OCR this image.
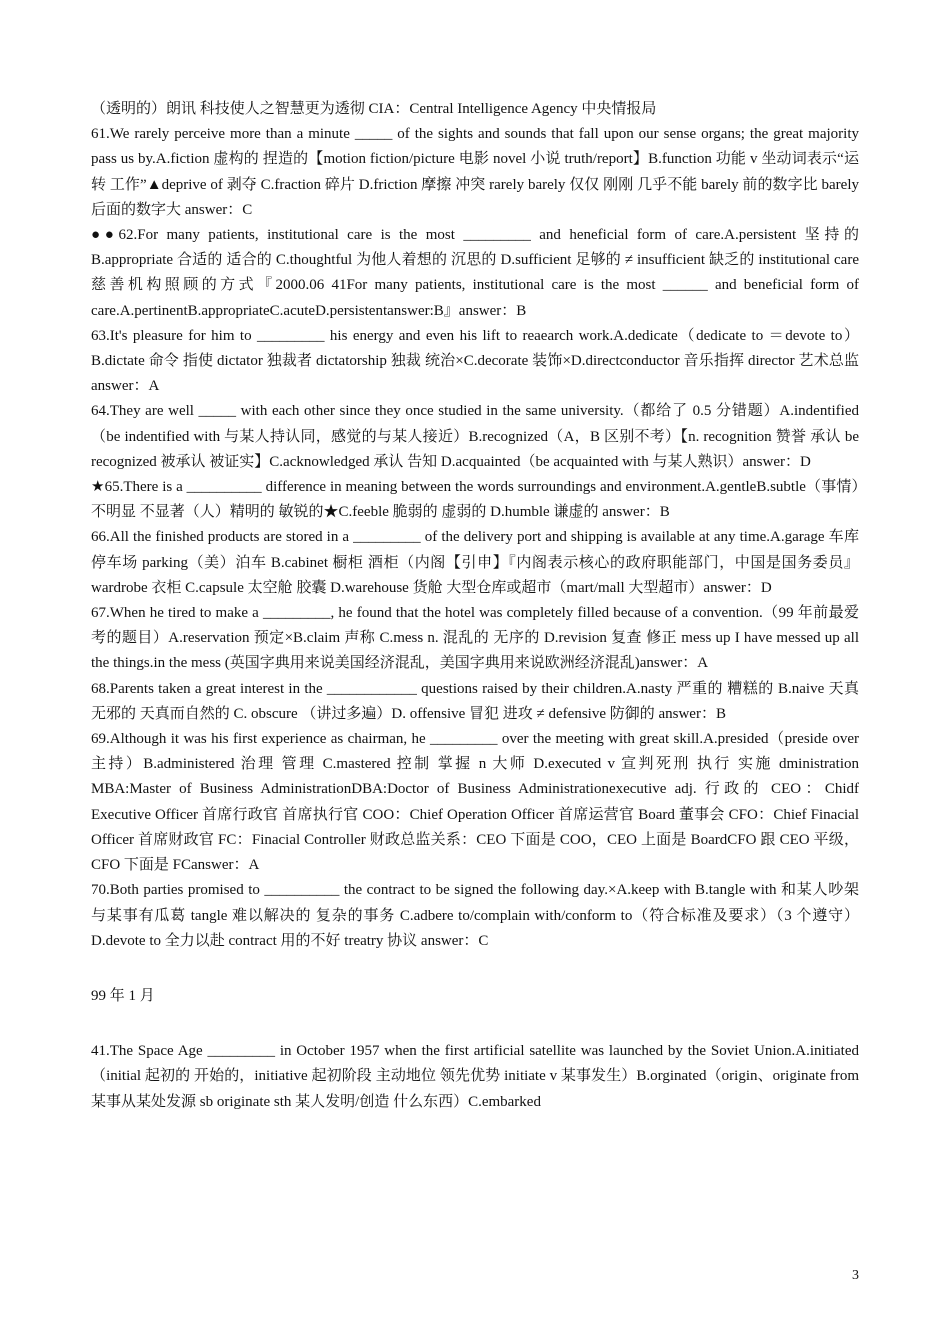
（透明的）朗讯 科技使人之智慧更为透彻 CIA：Central Intelligence Agency 中央情报局

61.We rarely perceive more than a minute _____ of the sights and sounds that fall upon our sense organs; the great majority pass us by.A.fiction 虚构的 捏造的【motion fiction/picture 电影 novel 小说 truth/report】B.function 功能 v 坐动词表示“运转 工作”▲deprive of 剥夺 C.fraction 碎片 D.friction 摩擦 冲突 rarely barely 仅仅 刚刚 几乎不能 barely 前的数字比 barely 后面的数字大 answer：C

●●62.For many patients, institutional care is the most _________ and heneficial form of care.A.persistent 坚持的 B.appropriate 合适的 适合的 C.thoughtful 为他人着想的 沉思的 D.sufficient 足够的 ≠ insufficient 缺乏的 institutional care 慈善机构照顾的方式『2000.06 41For many patients, institutional care is the most ______ and beneficial form of care.A.pertinentB.appropriateC.acuteD.persistentanswer:B』answer：B

63.It's pleasure for him to _________ his energy and even his lift to reaearch work.A.dedicate（dedicate to ＝devote to）B.dictate 命令 指使 dictator 独裁者 dictatorship 独裁 统治×C.decorate 装饰×D.directconductor 音乐指挥 director 艺术总监 answer：A

64.They are well _____ with each other since they once studied in the same university.（都给了 0.5 分错题）A.indentified（be indentified with 与某人持认同，感觉的与某人接近）B.recognized（A，B 区别不考）【n. recognition 赞誉 承认 be recognized 被承认 被证实】C.acknowledged 承认 告知 D.acquainted（be acquainted with 与某人熟识）answer：D

★65.There is a __________ difference in meaning between the words surroundings and environment.A.gentleB.subtle（事情）不明显 不显著（人）精明的 敏锐的★C.feeble 脆弱的 虚弱的 D.humble 谦虚的 answer：B

66.All the finished products are stored in a _________ of the delivery port and shipping is available at any time.A.garage 车库 停车场 parking（美）泊车 B.cabinet 橱柜 酒柜（内阁【引申】『内阁表示核心的政府职能部门，中国是国务委员』wardrobe 衣柜 C.capsule 太空舱 胶囊 D.warehouse 货舱 大型仓库或超市（mart/mall 大型超市）answer：D

67.When he tired to make a _________, he found that the hotel was completely filled because of a convention.（99 年前最爱考的题目）A.reservation 预定×B.claim 声称 C.mess n. 混乱的 无序的 D.revision 复查 修正 mess up I have messed up all the things.in the mess (英国字典用来说美国经济混乱，美国字典用来说欧洲经济混乱)answer：A

68.Parents taken a great interest in the ____________ questions raised by their children.A.nasty 严重的 糟糕的 B.naive 天真无邪的 天真而自然的 C. obscure （讲过多遍）D. offensive 冒犯 进攻 ≠ defensive 防御的 answer：B

69.Although it was his first experience as chairman, he _________ over the meeting with great skill.A.presided（preside over 主持）B.administered 治理 管理 C.mastered 控制 掌握 n 大师 D.executed v 宣判死刑 执行 实施 dministration MBA:Master of Business AdministrationDBA:Doctor of Business Administrationexecutive adj. 行政的 CEO：Chidf Executive Officer 首席行政官 首席执行官 COO：Chief Operation Officer 首席运营官 Board 董事会 CFO：Chief Finacial Officer 首席财政官 FC：Finacial Controller 财政总监关系：CEO 下面是 COO，CEO 上面是 BoardCFO 跟 CEO 平级，CFO 下面是 FCanswer：A

70.Both parties promised to __________ the contract to be signed the following day.×A.keep with B.tangle with 和某人吵架 与某事有瓜葛 tangle 难以解决的 复杂的事务 C.adbere to/complain with/conform to（符合标准及要求）（3 个遵守）D.devote to 全力以赴 contract 用的不好 treatry 协议 answer：C

99 年 1 月

41.The Space Age _________ in October 1957 when the first artificial satellite was launched by the Soviet Union.A.initiated（initial 起初的 开始的，initiative 起初阶段 主动地位 领先优势 initiate v 某事发生）B.orginated（origin、originate from 某事从某处发源 sb originate sth 某人发明/创造 什么东西）C.embarked

3
